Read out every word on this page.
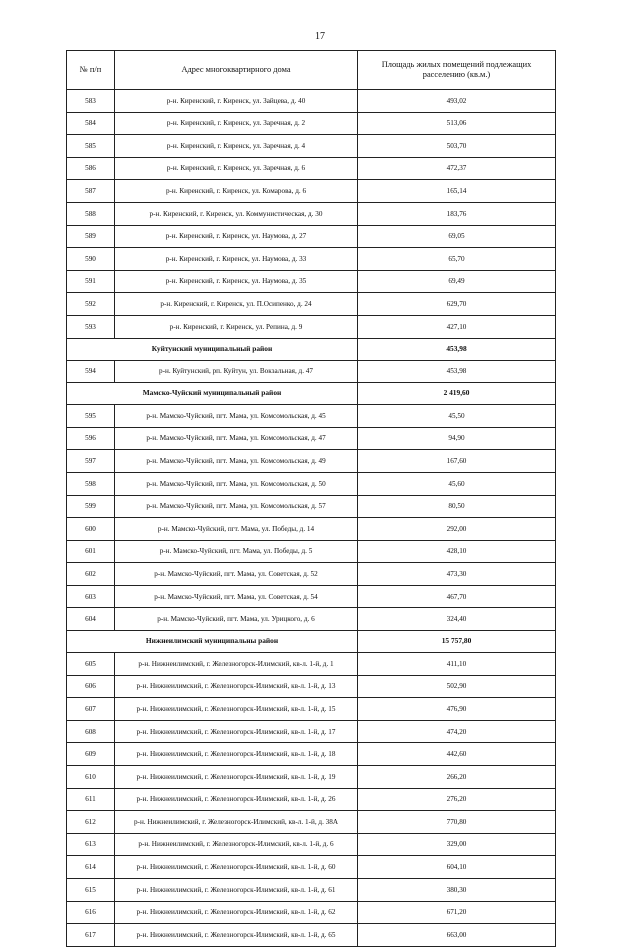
17
№ п/п	Адрес многоквартирного дома	Площадь жилых помещений подлежащих расселению (кв.м.)
583	р-н. Киренский, г. Киренск, ул. Зайцева, д. 40	493,02
584	р-н. Киренский, г. Киренск, ул. Заречная, д. 2	513,06
585	р-н. Киренский, г. Киренск, ул. Заречная, д. 4	503,70
586	р-н. Киренский, г. Киренск, ул. Заречная, д. 6	472,37
587	р-н. Киренский, г. Киренск, ул. Комарова, д. 6	165,14
588	р-н. Киренский, г. Киренск, ул. Коммунистическая, д. 30	183,76
589	р-н. Киренский, г. Киренск, ул. Наумова, д. 27	69,05
590	р-н. Киренский, г. Киренск, ул. Наумова, д. 33	65,70
591	р-н. Киренский, г. Киренск, ул. Наумова, д. 35	69,49
592	р-н. Киренский, г. Киренск, ул. П.Осипенко, д. 24	629,70
593	р-н. Киренский, г. Киренск, ул. Репина, д. 9	427,10
Куйтунский муниципальный район		453,98
594	р-н. Куйтунский, рп. Куйтун, ул. Вокзальная, д. 47	453,98
Мамско-Чуйский муниципальный район		2 419,60
595	р-н. Мамско-Чуйский, пгт. Мама, ул. Комсомольская, д. 45	45,50
596	р-н. Мамско-Чуйский, пгт. Мама, ул. Комсомольская, д. 47	94,90
597	р-н. Мамско-Чуйский, пгт. Мама, ул. Комсомольская, д. 49	167,60
598	р-н. Мамско-Чуйский, пгт. Мама, ул. Комсомольская, д. 50	45,60
599	р-н. Мамско-Чуйский, пгт. Мама, ул. Комсомольская, д. 57	80,50
600	р-н. Мамско-Чуйский, пгт. Мама, ул. Победы, д. 14	292,00
601	р-н. Мамско-Чуйский, пгт. Мама, ул. Победы, д. 5	428,10
602	р-н. Мамско-Чуйский, пгт. Мама, ул. Советская, д. 52	473,30
603	р-н. Мамско-Чуйский, пгт. Мама, ул. Советская, д. 54	467,70
604	р-н. Мамско-Чуйский, пгт. Мама, ул. Урицкого, д. 6	324,40
Нижнеилимский муниципальны район		15 757,80
605	р-н. Нижнеилимский, г. Железногорск-Илимский, кв-л. 1-й, д. 1	411,10
606	р-н. Нижнеилимский, г. Железногорск-Илимский, кв-л. 1-й, д. 13	502,90
607	р-н. Нижнеилимский, г. Железногорск-Илимский, кв-л. 1-й, д. 15	476,90
608	р-н. Нижнеилимский, г. Железногорск-Илимский, кв-л. 1-й, д. 17	474,20
609	р-н. Нижнеилимский, г. Железногорск-Илимский, кв-л. 1-й, д. 18	442,60
610	р-н. Нижнеилимский, г. Железногорск-Илимский, кв-л. 1-й, д. 19	266,20
611	р-н. Нижнеилимский, г. Железногорск-Илимский, кв-л. 1-й, д. 26	276,20
612	р-н. Нижнеилимский, г. Железногорск-Илимский, кв-л. 1-й, д. 38А	770,80
613	р-н. Нижнеилимский, г. Железногорск-Илимский, кв-л. 1-й, д. 6	329,00
614	р-н. Нижнеилимский, г. Железногорск-Илимский, кв-л. 1-й, д. 60	604,10
615	р-н. Нижнеилимский, г. Железногорск-Илимский, кв-л. 1-й, д. 61	380,30
616	р-н. Нижнеилимский, г. Железногорск-Илимский, кв-л. 1-й, д. 62	671,20
617	р-н. Нижнеилимский, г. Железногорск-Илимский, кв-л. 1-й, д. 65	663,00
